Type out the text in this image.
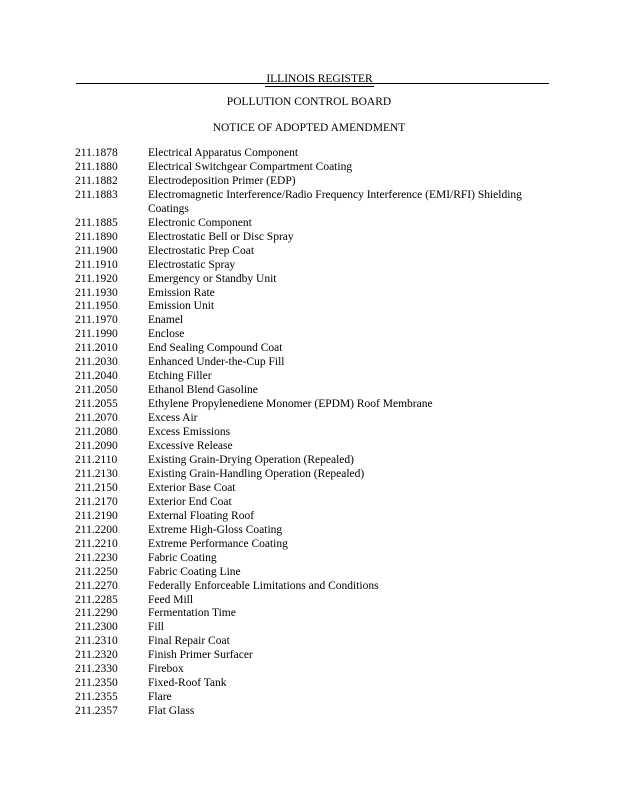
ILLINOIS REGISTER
POLLUTION CONTROL BOARD
NOTICE OF ADOPTED AMENDMENT
211.1878	Electrical Apparatus Component
211.1880	Electrical Switchgear Compartment Coating
211.1882	Electrodeposition Primer (EDP)
211.1883	Electromagnetic Interference/Radio Frequency Interference (EMI/RFI) Shielding Coatings
211.1885	Electronic Component
211.1890	Electrostatic Bell or Disc Spray
211.1900	Electrostatic Prep Coat
211.1910	Electrostatic Spray
211.1920	Emergency or Standby Unit
211.1930	Emission Rate
211.1950	Emission Unit
211.1970	Enamel
211.1990	Enclose
211.2010	End Sealing Compound Coat
211.2030	Enhanced Under-the-Cup Fill
211.2040	Etching Filler
211.2050	Ethanol Blend Gasoline
211.2055	Ethylene Propylenediene Monomer (EPDM) Roof Membrane
211.2070	Excess Air
211.2080	Excess Emissions
211.2090	Excessive Release
211.2110	Existing Grain-Drying Operation (Repealed)
211.2130	Existing Grain-Handling Operation (Repealed)
211.2150	Exterior Base Coat
211.2170	Exterior End Coat
211.2190	External Floating Roof
211.2200	Extreme High-Gloss Coating
211.2210	Extreme Performance Coating
211.2230	Fabric Coating
211.2250	Fabric Coating Line
211.2270	Federally Enforceable Limitations and Conditions
211.2285	Feed Mill
211.2290	Fermentation Time
211.2300	Fill
211.2310	Final Repair Coat
211.2320	Finish Primer Surfacer
211.2330	Firebox
211.2350	Fixed-Roof Tank
211.2355	Flare
211.2357	Flat Glass
